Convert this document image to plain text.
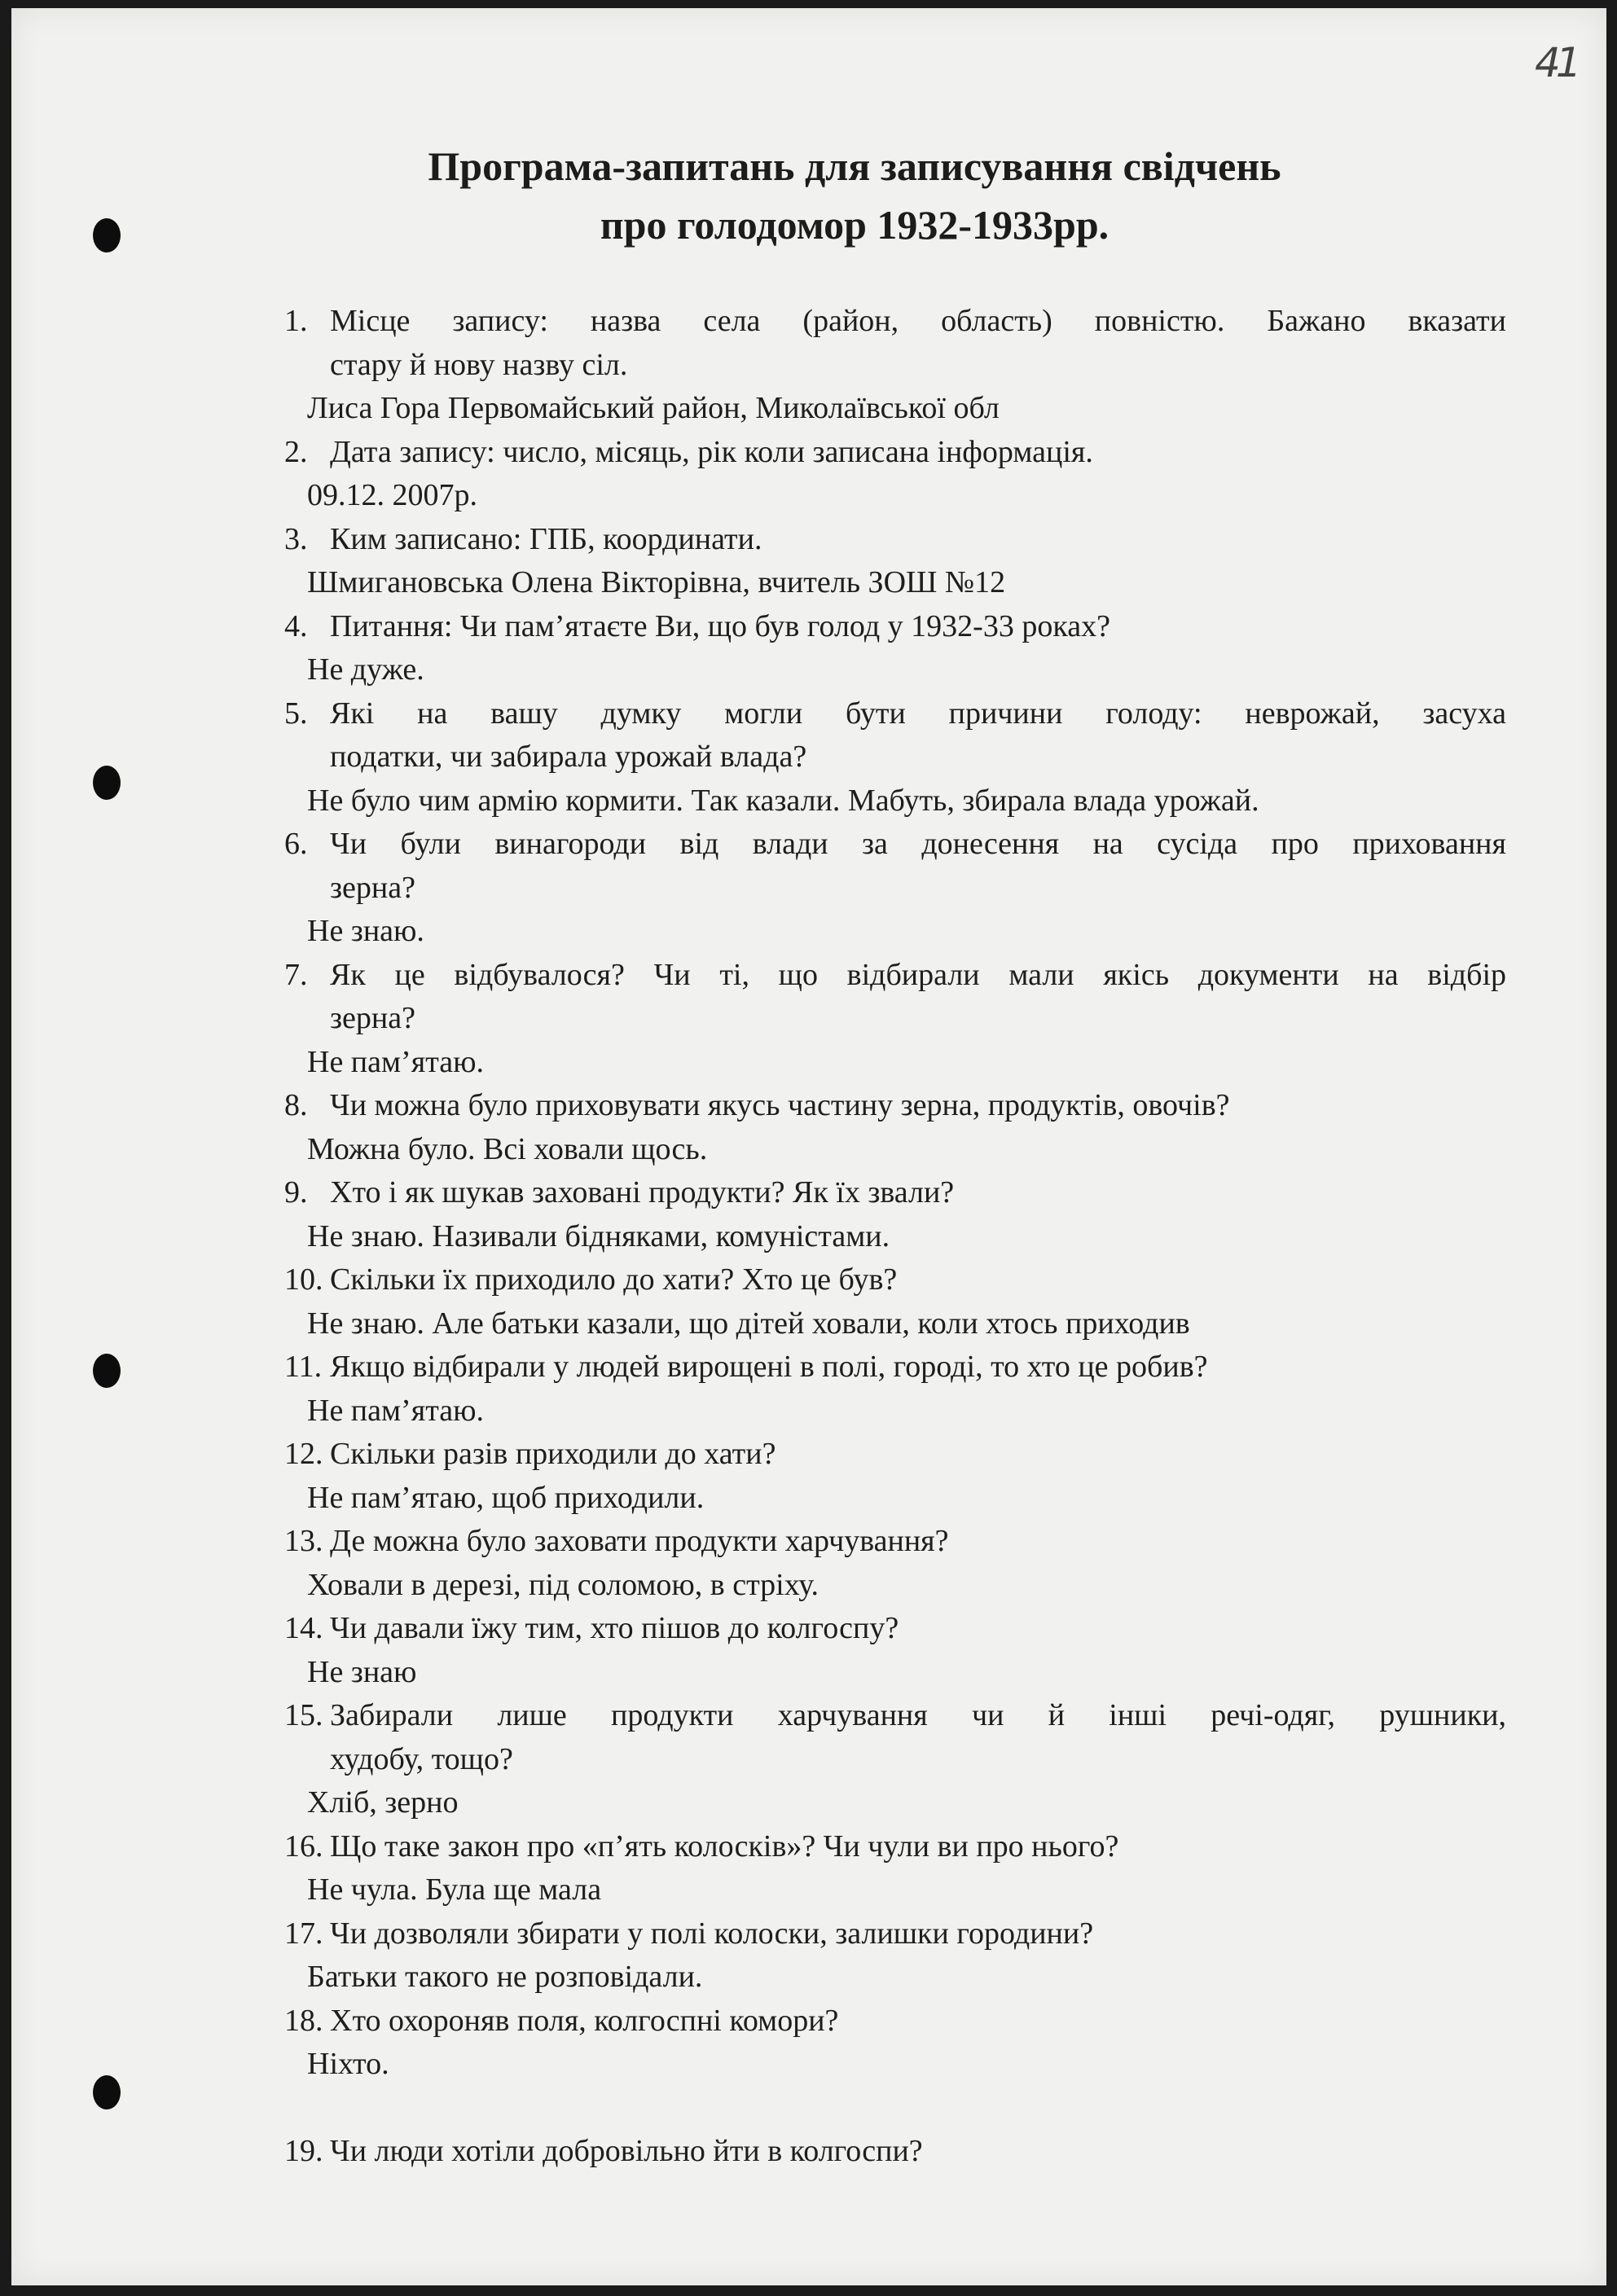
41
Програма-запитань для записування свідчень
про голодомор 1932-1933рр.
1. Місце запису: назва села (район, область) повністю. Бажано вказати
стару й нову назву сіл.
Лиса Гора Первомайський район, Миколаївської обл
2. Дата запису: число, місяць, рік коли записана інформація.
09.12. 2007р.
3. Ким записано: ГПБ, координати.
Шмигановська Олена Вікторівна, вчитель ЗОШ №12
4. Питання: Чи пам’ятаєте Ви, що був голод у 1932-33 роках?
Не дуже.
5. Які на вашу думку могли бути причини голоду: неврожай, засуха
податки, чи забирала урожай влада?
Не було чим армію кормити. Так казали. Мабуть, збирала влада урожай.
6. Чи були винагороди від влади за донесення на сусіда про приховання
зерна?
Не знаю.
7. Як це відбувалося? Чи ті, що відбирали мали якісь документи на відбір
зерна?
Не пам’ятаю.
8. Чи можна було приховувати якусь частину зерна, продуктів, овочів?
Можна було. Всі ховали щось.
9. Хто і як шукав заховані продукти? Як їх звали?
Не знаю. Називали бідняками, комуністами.
10. Скільки їх приходило до хати? Хто це був?
Не знаю. Але батьки казали, що дітей ховали, коли хтось приходив
11. Якщо відбирали у людей вирощені в полі, городі, то хто це робив?
Не пам’ятаю.
12. Скільки разів приходили до хати?
Не пам’ятаю, щоб приходили.
13. Де можна було заховати продукти харчування?
Ховали в дерезі, під соломою, в стріху.
14. Чи давали їжу тим, хто пішов до колгоспу?
Не знаю
15. Забирали лише продукти харчування чи й інші речі-одяг, рушники,
худобу, тощо?
Хліб, зерно
16. Що таке закон про «п’ять колосків»? Чи чули ви про нього?
Не чула. Була ще мала
17. Чи дозволяли збирати у полі колоски, залишки городини?
Батьки такого не розповідали.
18. Хто охороняв поля, колгоспні комори?
Ніхто.
19. Чи люди хотіли добровільно йти в колгоспи?
